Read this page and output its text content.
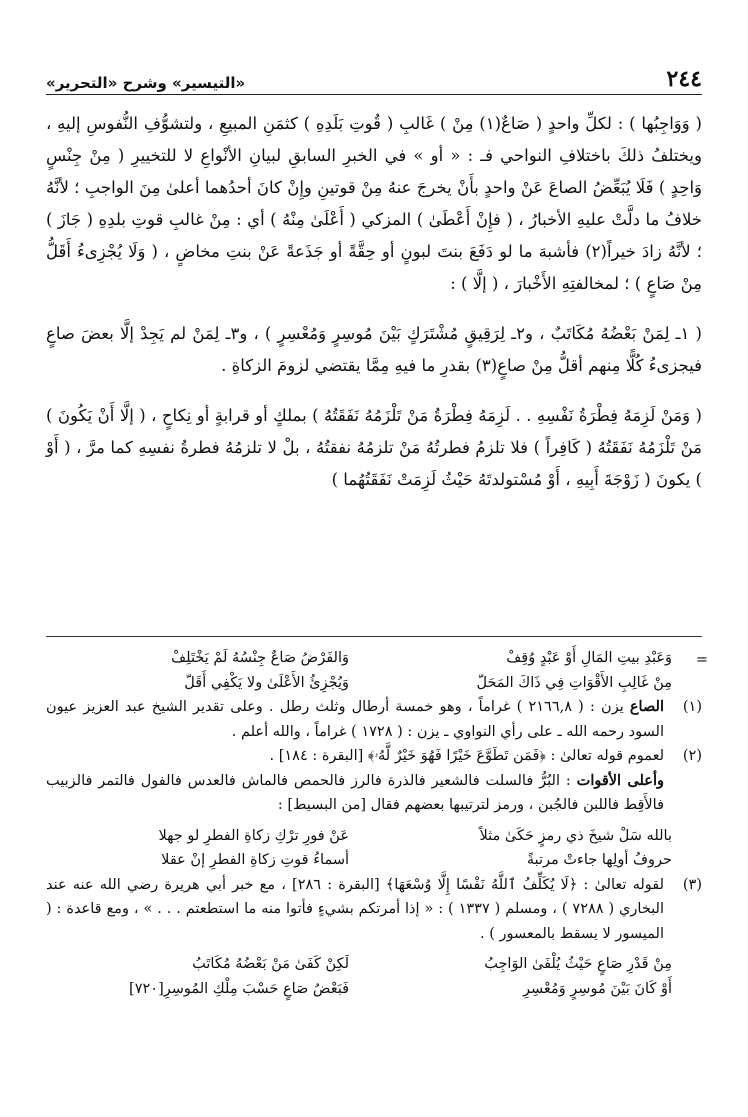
٢٤٤
«التيسير» وشرح «التحرير»

( وَوَاجِبُها ) : لكلِّ واحدٍ ( صَاعٌ(١) مِنْ ) غَالبِ ( قُوتِ بَلَدِهِ ) كثمَنِ المبيعِ ، ولتشوُّفِ النُّفوسِ إليهِ ، ويختلفُ ذلكَ باختلافِ النواحي فـ : « أو » في الخبرِ السابقِ لبيانِ الأنْواعِ لا للتخييرِ ( مِنْ جِنْسٍ وَاحِدٍ ) فَلَا يُبَعِّضُ الصاعَ عَنْ واحدٍ بأَنْ يخرجَ عنهُ مِنْ قوتينِ وإِنْ كانَ أحدُهما أعلىٰ مِنَ الواجبِ ؛ لأنَّهُ خلافُ ما دلَّتْ عليهِ الأخبارُ ، ( فإِنْ أَعْطَىٰ ) المزكي ( أَعْلَىٰ مِنْهُ ) أي : مِنْ غالبِ قوتِ بلدِهِ ( جَازَ ) ؛ لأنَّهُ زادَ خيراً(٢) فأشبهَ ما لو دَفَعَ بنتَ لبونٍ أو حِقَّةً أو جَذَعةً عَنْ بنتِ مخاضٍ ، ( وَلَا يُجْزِىءُ أَقَلُّ مِنْ صَاعٍ ) ؛ لمخالفتِهِ الأَخْبارَ ، ( إلَّا ) :

( ١ـ لِمَنْ بَعْضُهُ مُكَاتَبٌ ، و٢ـ لِرَقِيقٍ مُشْتَرَكٍ بَيْنَ مُوسِرٍ وَمُعْسِرٍ ) ، و٣ـ لِمَنْ لم يَجِدْ إلَّا بعضَ صاعٍ فيجزىءُ كُلًّا مِنهم أقلُّ مِنْ صاعٍ(٣) بقدرِ ما فيهِ مِمَّا يقتضي لزومَ الزكاةِ .

( وَمَنْ لَزِمَهُ فِطْرَةُ نَفْسِهِ . . لَزِمَهُ فِطْرَةُ مَنْ تَلْزَمُهُ نَفَقَتُهُ ) بملكٍ أو قرابةٍ أو نِكاحٍ ، ( إلَّا أَنْ يَكُونَ ) مَنْ تَلْزَمُهُ نَفَقَتُهُ ( كَافِراً ) فلا تلزمُ فطرتُهُ مَنْ تلزمُهُ نفقتُهُ ، بلْ لا تلزمُهُ فطرةُ نفسِهِ كما مرَّ ، ( أَوْ ) يكونَ ( زَوْجَةَ أَبِيهِ ، أَوْ مُسْتولدتَهُ حَيْثُ لَزِمَتْ نَفَقَتُهُما )

=
وَعَبْدِ بيتِ المَالِ أَوْ عَبْدٍ وُقِفْ
وَالفَرْضُ صَاعٌ جِنْسُهُ لَمْ يَخْتَلِفْ
مِنْ غَالِبِ الأَقْوَاتِ فِي ذَاكَ المَحَلّ
وَيُجْزِئُ الأَعْلَىٰ ولا يَكْفِي أَقَلّ
(١)
الصاع يزن : ( ٢١٦٦,٨ ) غراماً ، وهو خمسة أرطال وثلث رطل . وعلى تقدير الشيخ عبد العزيز عيون السود رحمه الله ـ على رأي النواوي ـ يزن : ( ١٧٢٨ ) غراماً ، والله أعلم .
(٢)
لعموم قوله تعالىٰ : ﴿فَمَن تَطَوَّعَ خَيْرًا فَهُوَ خَيْرٌ لَّهُۥ﴾ [البقرة : ١٨٤] .
وأعلى الأقوات : البُرُّ فالسلت فالشعير فالذرة فالرز فالحمص فالماش فالعدس فالفول فالتمر فالزبيب فالأَقِط فاللبن فالجُبن ، ورمز لترتيبها بعضهم فقال [من البسيط] :
بالله سَلْ شيخَ ذي رمزٍ حَكَىٰ مثلاً
عَنْ فورِ ترْكِ زكاةِ الفطرِ لو جهلا
حروفُ أولِها جاءتْ مرتبةً
أسماءُ قوتِ زكاةِ الفطرِ إنْ عقلا
(٣)
لقوله تعالىٰ : ﴿لَا يُكَلِّفُ ٱللَّهُ نَفْسًا إِلَّا وُسْعَهَا﴾ [البقرة : ٢٨٦] ، مع خبر أبي هريرة رضي الله عنه عند البخاري ( ٧٢٨٨ ) ، ومسلم ( ١٣٣٧ ) : « إذا أمرتكم بشيءٍ فأتوا منه ما استطعتم . . . » ، ومع قاعدة : ( الميسور لا يسقط بالمعسور ) .
مِنْ قَدْرِ صَاعٍ حَيْثُ يُلْفَىٰ الوَاجِبُ
لَكِنْ كَفَىٰ مَنْ بَعْضُهُ مُكَاتَبُ
أَوْ كَانَ بَيْنَ مُوسِرٍ وَمُعْسِرِ
فَبَعْضُ صَاعٍ حَسْبَ مِلْكِ المُوسِرِ[٧٢٠]
